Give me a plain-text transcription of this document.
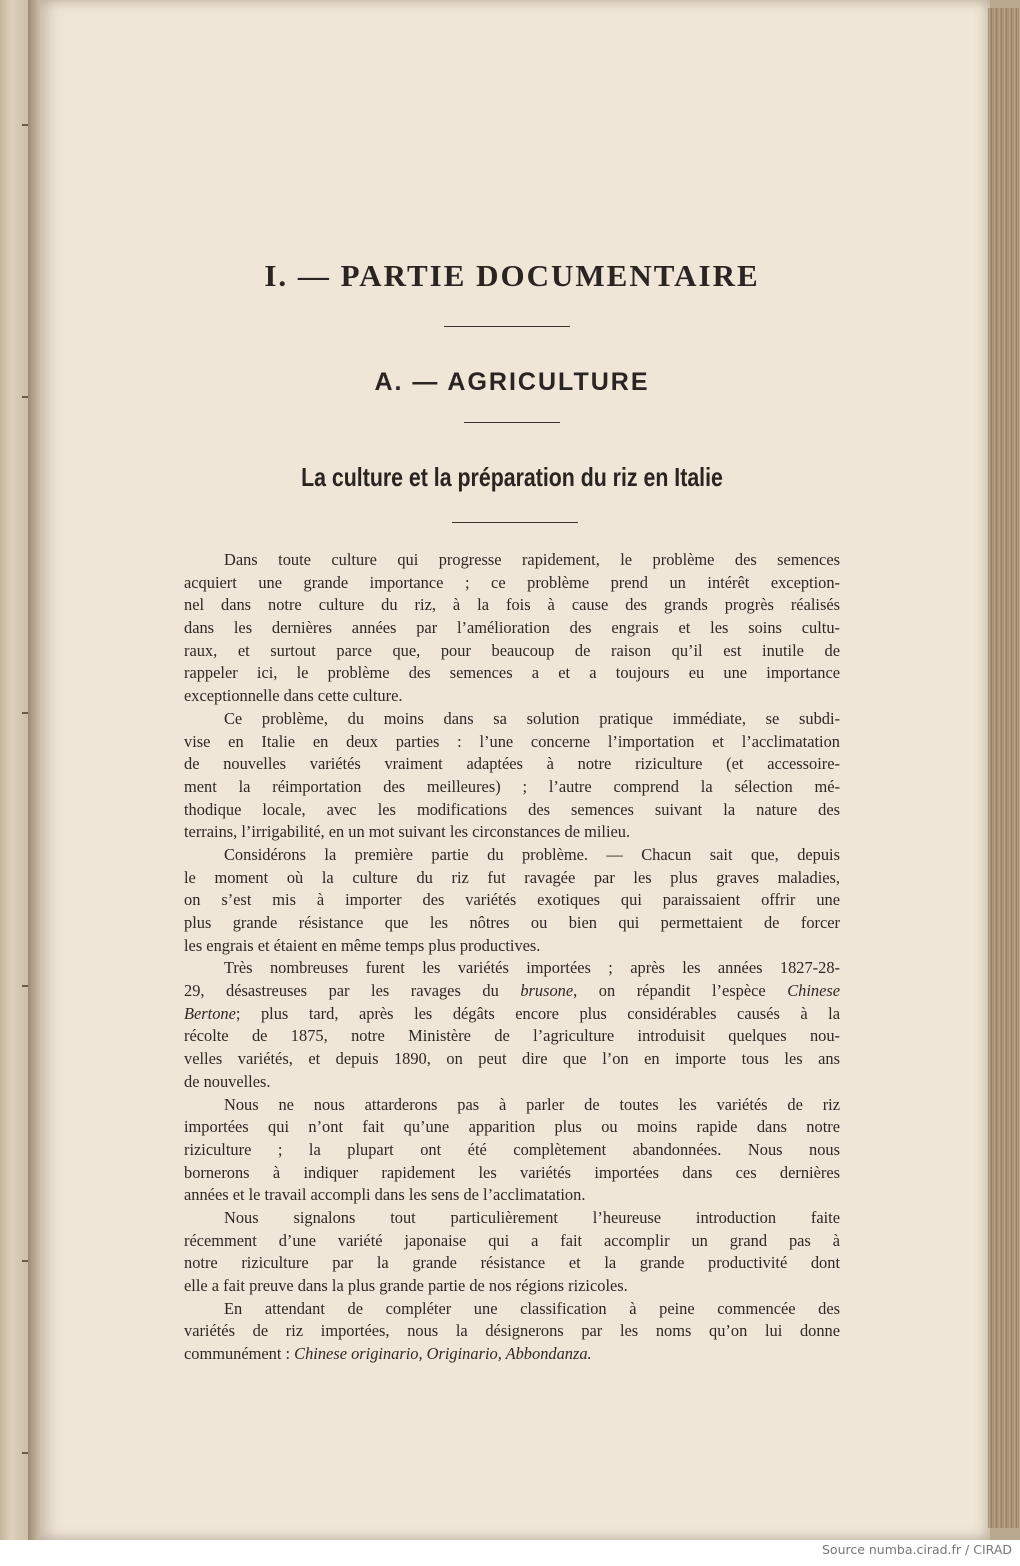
I. — PARTIE DOCUMENTAIRE
A. — AGRICULTURE
La culture et la préparation du riz en Italie
Dans toute culture qui progresse rapidement, le problème des semences
acquiert une grande importance ; ce problème prend un intérêt exception-
nel dans notre culture du riz, à la fois à cause des grands progrès réalisés
dans les dernières années par l’amélioration des engrais et les soins cultu-
raux, et surtout parce que, pour beaucoup de raison qu’il est inutile de
rappeler ici, le problème des semences a et a toujours eu une importance
exceptionnelle dans cette culture.
Ce problème, du moins dans sa solution pratique immédiate, se subdi-
vise en Italie en deux parties : l’une concerne l’importation et l’acclimatation
de nouvelles variétés vraiment adaptées à notre riziculture (et accessoire-
ment la réimportation des meilleures) ; l’autre comprend la sélection mé-
thodique locale, avec les modifications des semences suivant la nature des
terrains, l’irrigabilité, en un mot suivant les circonstances de milieu.
Considérons la première partie du problème. — Chacun sait que, depuis
le moment où la culture du riz fut ravagée par les plus graves maladies,
on s’est mis à importer des variétés exotiques qui paraissaient offrir une
plus grande résistance que les nôtres ou bien qui permettaient de forcer
les engrais et étaient en même temps plus productives.
Très nombreuses furent les variétés importées ; après les années 1827-28-
29, désastreuses par les ravages du brusone, on répandit l’espèce Chinese
Bertone; plus tard, après les dégâts encore plus considérables causés à la
récolte de 1875, notre Ministère de l’agriculture introduisit quelques nou-
velles variétés, et depuis 1890, on peut dire que l’on en importe tous les ans
de nouvelles.
Nous ne nous attarderons pas à parler de toutes les variétés de riz
importées qui n’ont fait qu’une apparition plus ou moins rapide dans notre
riziculture ; la plupart ont été complètement abandonnées. Nous nous
bornerons à indiquer rapidement les variétés importées dans ces dernières
années et le travail accompli dans les sens de l’acclimatation.
Nous signalons tout particulièrement l’heureuse introduction faite
récemment d’une variété japonaise qui a fait accomplir un grand pas à
notre riziculture par la grande résistance et la grande productivité dont
elle a fait preuve dans la plus grande partie de nos régions rizicoles.
En attendant de compléter une classification à peine commencée des
variétés de riz importées, nous la désignerons par les noms qu’on lui donne
communément : Chinese originario, Originario, Abbondanza.
Source numba.cirad.fr / CIRAD
